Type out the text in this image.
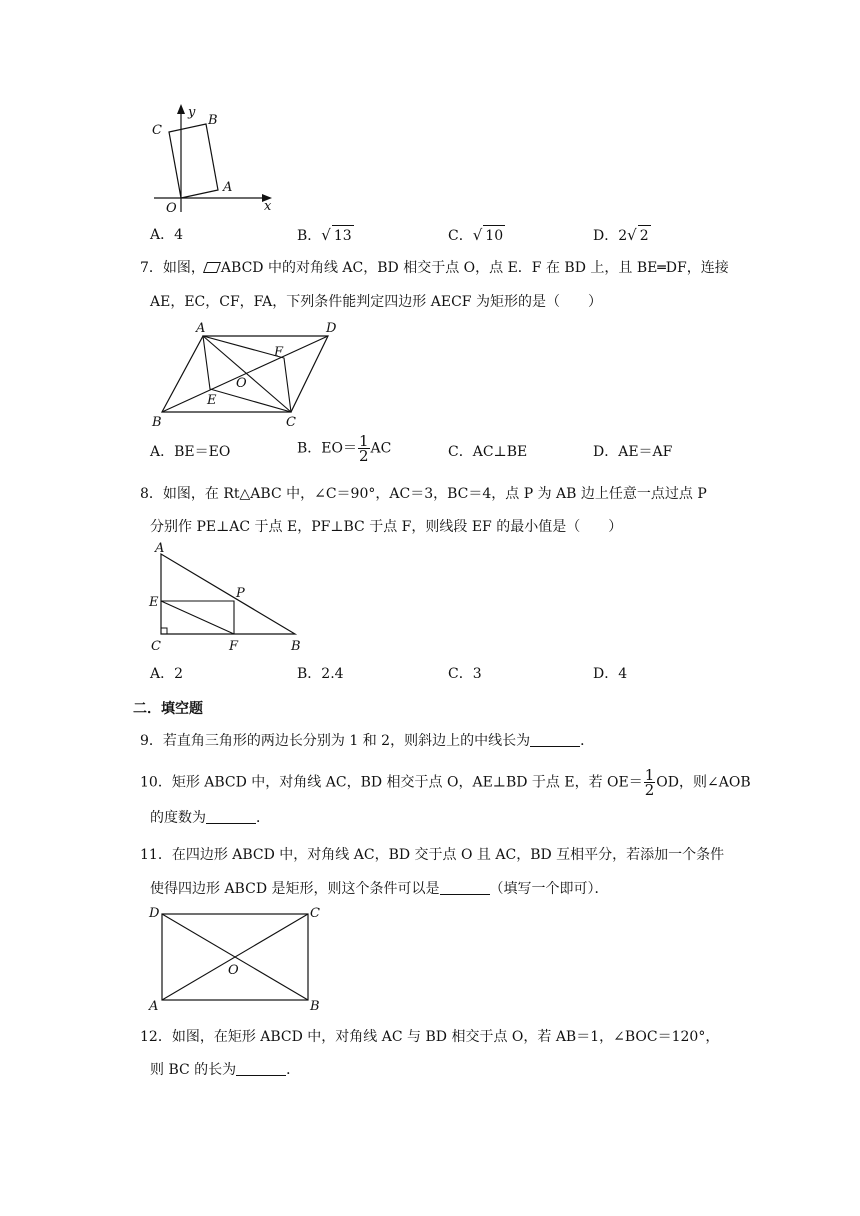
y
x
O
A
B
C
A．4	B．√ 13	C．√ 10	D．2√ 2
7．如图， ABCD 中的对角线 AC，BD 相交于点 O，点 E．F 在 BD 上，且 BE═DF，连接
AE，EC，CF，FA，下列条件能判定四边形 AECF 为矩形的是（　　）
A	D
B	C
E
F
O
A．BE＝EO	B．$EO= \frac{1}{2}$ AC	C．AC⊥BE	D．AE＝AF
8．如图，在 Rt△ABC 中，∠C＝90°，AC＝3，BC＝4，点 P 为 AB 边上任意一点过点 P
分别作 PE⊥AC 于点 E，PF⊥BC 于点 F，则线段 EF 的最小值是（　　）
A
E
P
C	F	B
A．2	B．2.4	C．3	D．4
二．填空题
9．若直角三角形的两边长分别为 1 和 2，则斜边上的中线长为	．
10．矩形 ABCD 中，对角线 AC，BD 相交于点 O，AE⊥BD 于点 E，若 $OE= \frac{1}{2}$ OD，则∠AOB
的度数为	．
11．在四边形 ABCD 中，对角线 AC，BD 交于点 O 且 AC，BD 互相平分，若添加一个条件
使得四边形 ABCD 是矩形，则这个条件可以是	（填写一个即可）．
D	C
A	B
O
12．如图，在矩形 ABCD 中，对角线 AC 与 BD 相交于点 O，若 AB＝1，∠BOC＝120°，
则 BC 的长为	．
